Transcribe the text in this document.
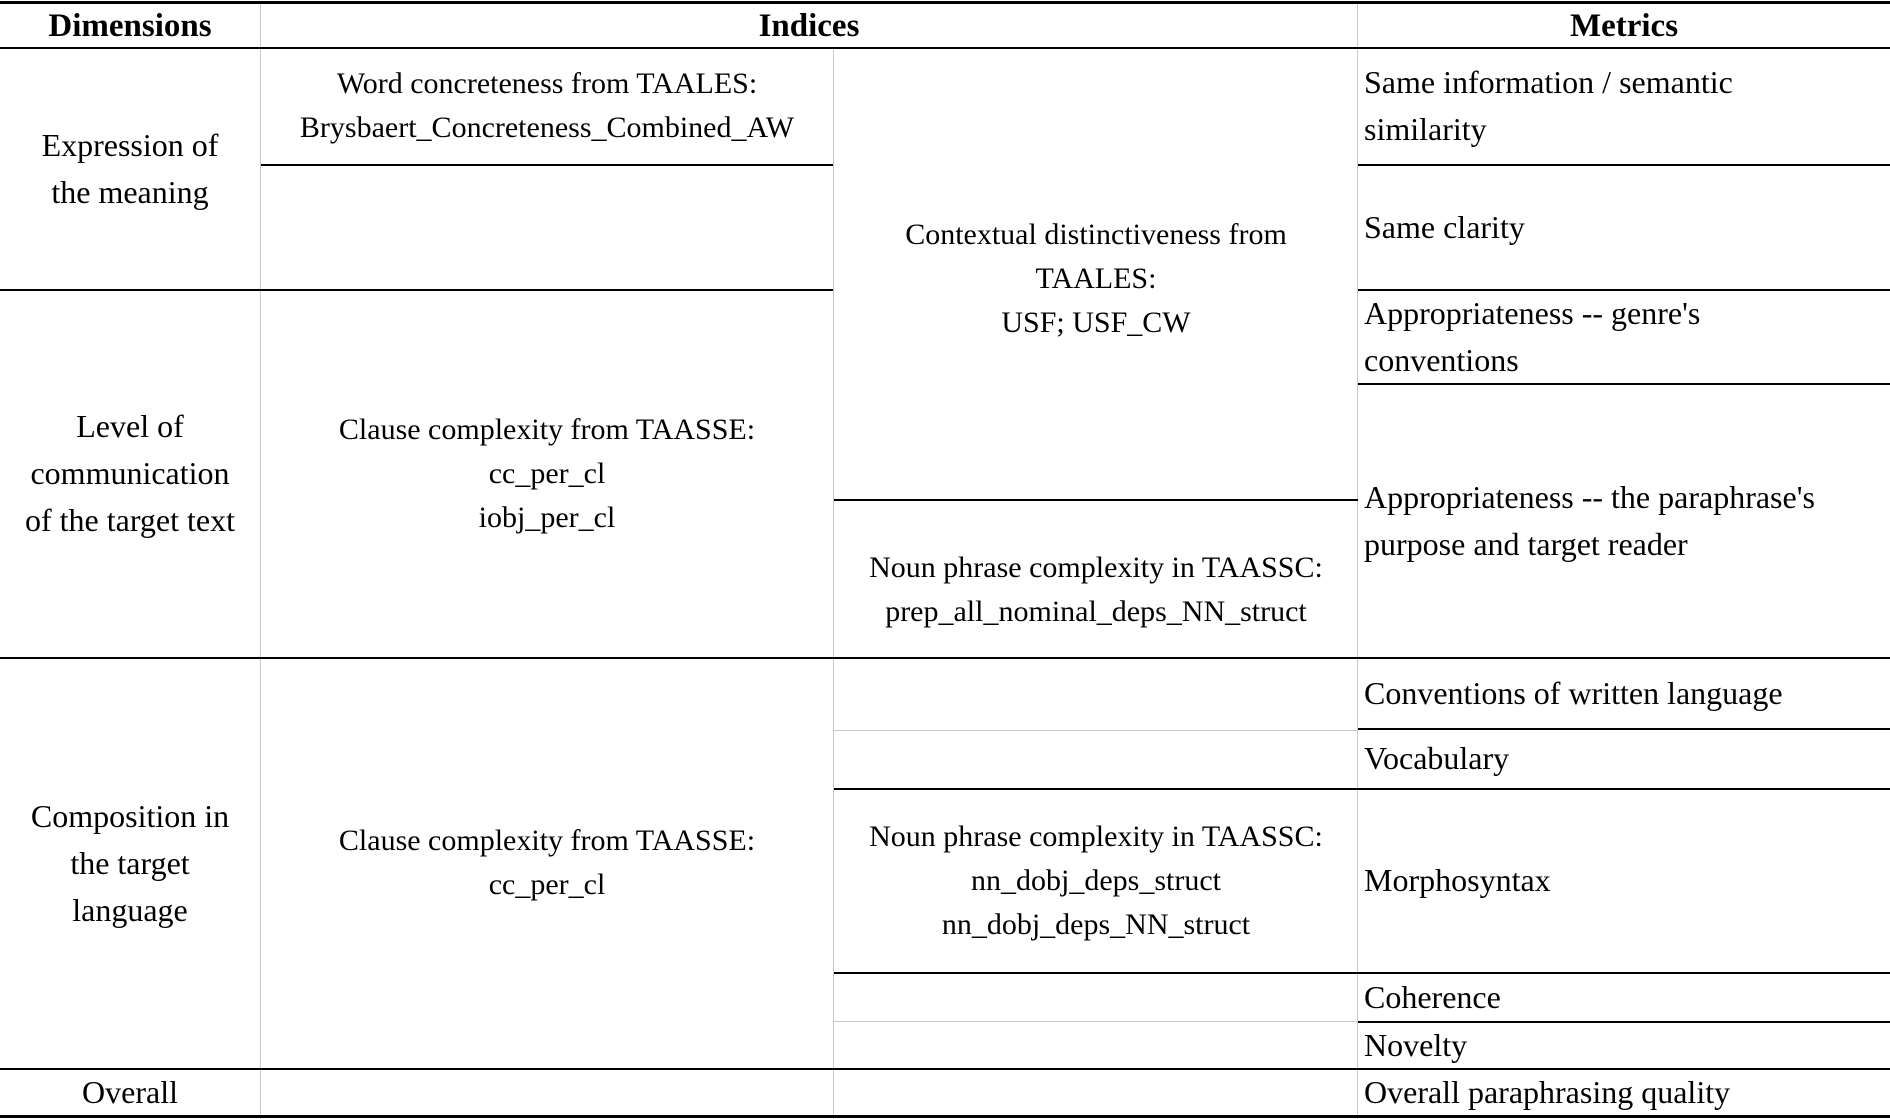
Dimensions	Indices	Metrics
Expression of
the meaning
Level of
communication
of the target text
Composition in
the target
language
Overall
Word concreteness from TAALES:
Brysbaert_Concreteness_Combined_AW
Clause complexity from TAASSE:
cc_per_cl
iobj_per_cl
Clause complexity from TAASSE:
cc_per_cl
Contextual distinctiveness from
TAALES:
USF; USF_CW
Noun phrase complexity in TAASSC:
prep_all_nominal_deps_NN_struct
Noun phrase complexity in TAASSC:
nn_dobj_deps_struct
nn_dobj_deps_NN_struct
Same information / semantic
similarity
Same clarity
Appropriateness -- genre's
conventions
Appropriateness -- the paraphrase's
purpose and target reader
Conventions of written language
Vocabulary
Morphosyntax
Coherence
Novelty
Overall paraphrasing quality
